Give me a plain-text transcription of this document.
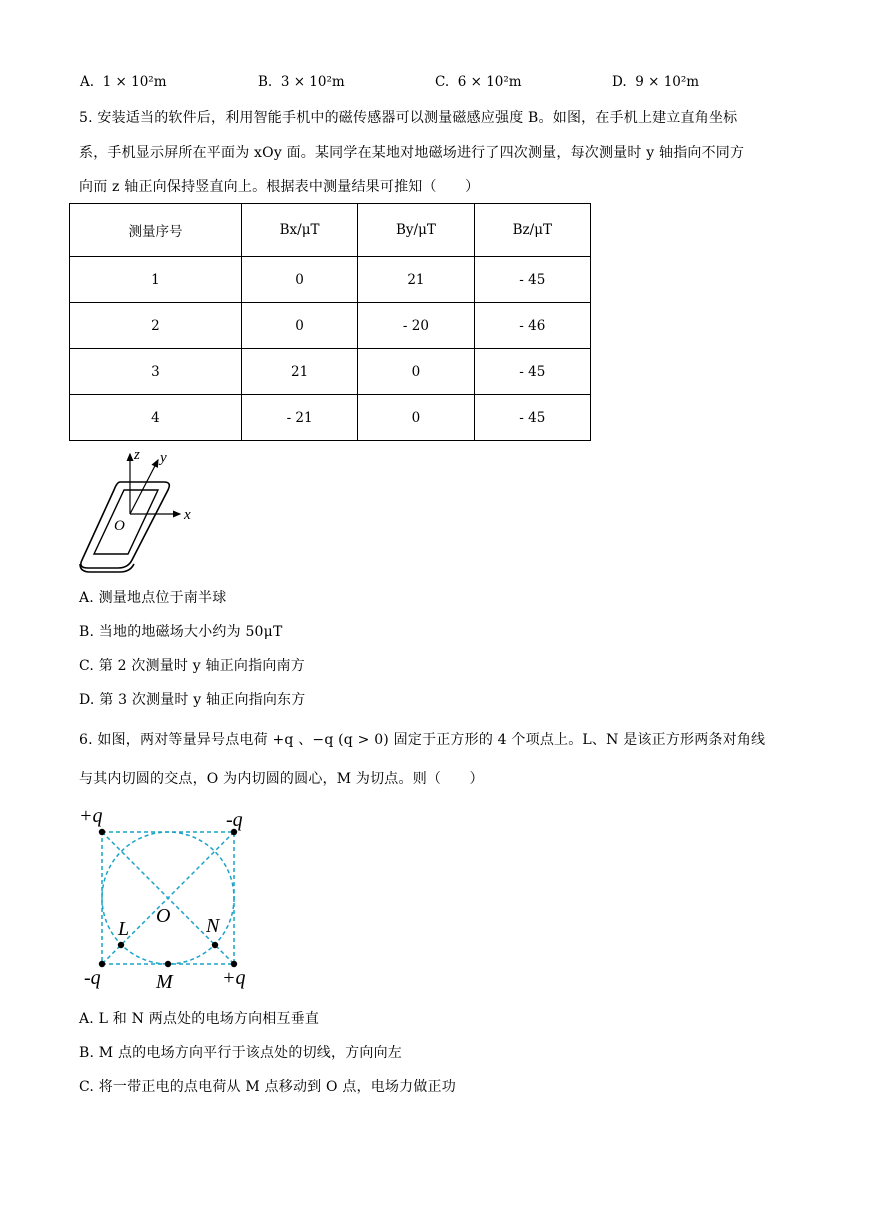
A. 1 × 10²m	B. 3 × 10²m	C. 6 × 10²m	D. 9 × 10²m
5. 安装适当的软件后，利用智能手机中的磁传感器可以测量磁感应强度 B。如图，在手机上建立直角坐标
系，手机显示屏所在平面为 xOy 面。某同学在某地对地磁场进行了四次测量，每次测量时 y 轴指向不同方
向而 z 轴正向保持竖直向上。根据表中测量结果可推知（　　）
测量序号	Bx/μT	By/μT	Bz/μT
1	0	21	- 45
2	0	- 20	- 46
3	21	0	- 45
4	- 21	0	- 45
z y
x
O
A. 测量地点位于南半球
B. 当地的地磁场大小约为 50μT
C. 第 2 次测量时 y 轴正向指向南方
D. 第 3 次测量时 y 轴正向指向东方
6. 如图，两对等量异号点电荷 +q 、−q (q > 0) 固定于正方形的 4 个项点上。L、N 是该正方形两条对角线
与其内切圆的交点，O 为内切圆的圆心，M 为切点。则（　　）
+q	-q
-q	+q
L	N
O
M
A. L 和 N 两点处的电场方向相互垂直
B. M 点的电场方向平行于该点处的切线，方向向左
C. 将一带正电的点电荷从 M 点移动到 O 点，电场力做正功
